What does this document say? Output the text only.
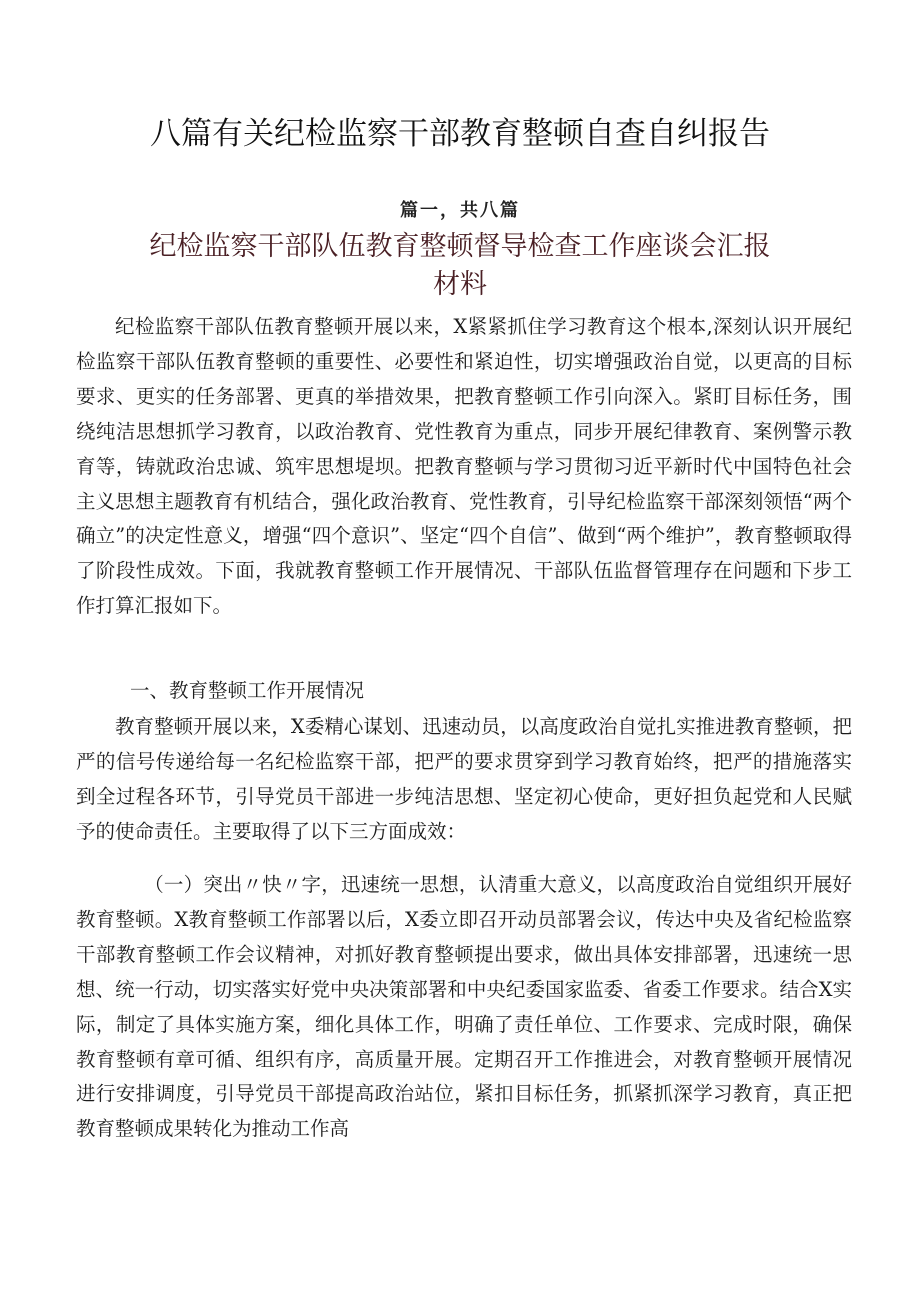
八篇有关纪检监察干部教育整顿自查自纠报告
篇一，共八篇
纪检监察干部队伍教育整顿督导检查工作座谈会汇报材料

纪检监察干部队伍教育整顿开展以来，X紧紧抓住学习教育这个根本,深刻认识开展纪检监察干部队伍教育整顿的重要性、必要性和紧迫性，切实增强政治自觉，以更高的目标要求、更实的任务部署、更真的举措效果，把教育整顿工作引向深入。紧盯目标任务，围绕纯洁思想抓学习教育，以政治教育、党性教育为重点，同步开展纪律教育、案例警示教育等，铸就政治忠诚、筑牢思想堤坝。把教育整顿与学习贯彻习近平新时代中国特色社会主义思想主题教育有机结合，强化政治教育、党性教育，引导纪检监察干部深刻领悟“两个确立”的决定性意义，增强“四个意识”、坚定“四个自信”、做到“两个维护”，教育整顿取得了阶段性成效。下面，我就教育整顿工作开展情况、干部队伍监督管理存在问题和下步工作打算汇报如下。

一、教育整顿工作开展情况

教育整顿开展以来，X委精心谋划、迅速动员，以高度政治自觉扎实推进教育整顿，把严的信号传递给每一名纪检监察干部，把严的要求贯穿到学习教育始终，把严的措施落实到全过程各环节，引导党员干部进一步纯洁思想、坚定初心使命，更好担负起党和人民赋予的使命责任。主要取得了以下三方面成效：

（一）突出〃快〃字，迅速统一思想，认清重大意义，以高度政治自觉组织开展好教育整顿。X教育整顿工作部署以后，X委立即召开动员部署会议，传达中央及省纪检监察干部教育整顿工作会议精神，对抓好教育整顿提出要求，做出具体安排部署，迅速统一思想、统一行动，切实落实好党中央决策部署和中央纪委国家监委、省委工作要求。结合X实际，制定了具体实施方案，细化具体工作，明确了责任单位、工作要求、完成时限，确保教育整顿有章可循、组织有序，高质量开展。定期召开工作推进会，对教育整顿开展情况进行安排调度，引导党员干部提高政治站位，紧扣目标任务，抓紧抓深学习教育，真正把教育整顿成果转化为推动工作高
